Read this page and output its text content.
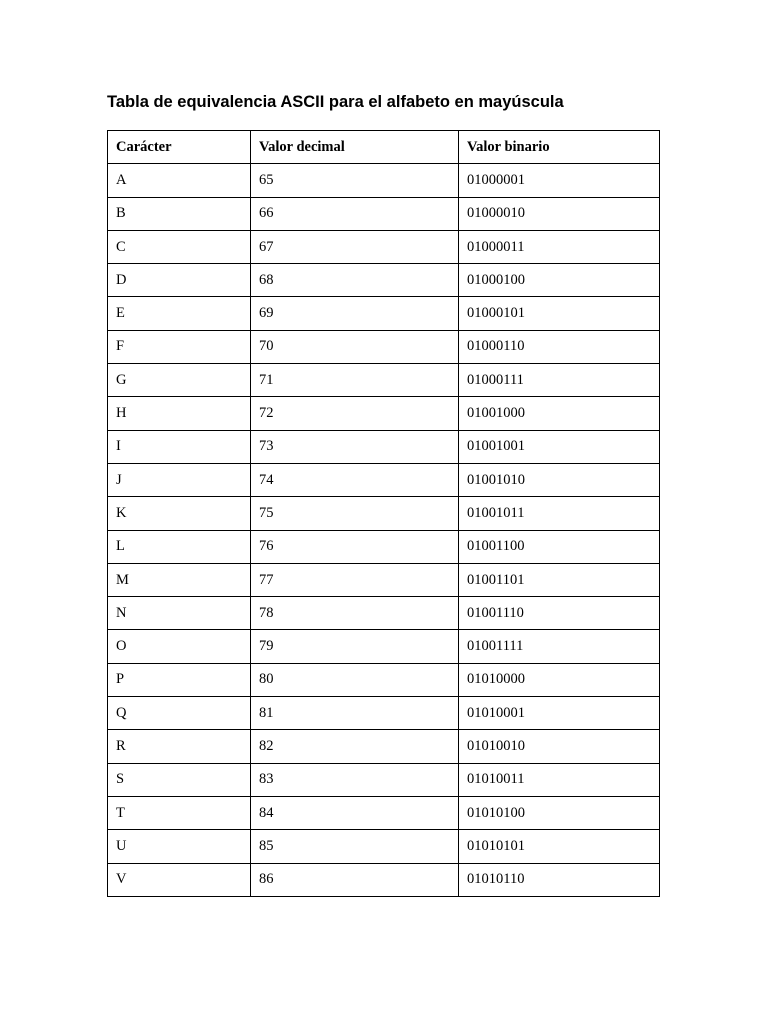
Tabla de equivalencia ASCII para el alfabeto en mayúscula
Carácter	Valor decimal	Valor binario
A	65	01000001
B	66	01000010
C	67	01000011
D	68	01000100
E	69	01000101
F	70	01000110
G	71	01000111
H	72	01001000
I	73	01001001
J	74	01001010
K	75	01001011
L	76	01001100
M	77	01001101
N	78	01001110
O	79	01001111
P	80	01010000
Q	81	01010001
R	82	01010010
S	83	01010011
T	84	01010100
U	85	01010101
V	86	01010110
